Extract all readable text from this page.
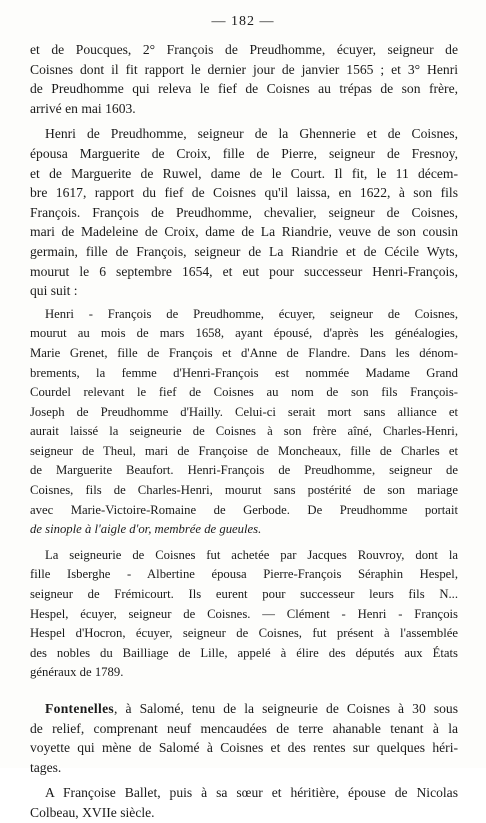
— 182 —

et de Poucques, 2° François de Preudhomme, écuyer, seigneur de
Coisnes dont il fit rapport le dernier jour de janvier 1565 ; et 3° Henri
de Preudhomme qui releva le fief de Coisnes au trépas de son frère,
arrivé en mai 1603.

Henri de Preudhomme, seigneur de la Ghennerie et de Coisnes,
épousa Marguerite de Croix, fille de Pierre, seigneur de Fresnoy,
et de Marguerite de Ruwel, dame de le Court. Il fit, le 11 décem-
bre 1617, rapport du fief de Coisnes qu'il laissa, en 1622, à son fils
François. François de Preudhomme, chevalier, seigneur de Coisnes,
mari de Madeleine de Croix, dame de La Riandrie, veuve de son cousin
germain, fille de François, seigneur de La Riandrie et de Cécile Wyts,
mourut le 6 septembre 1654, et eut pour successeur Henri-François,
qui suit :

Henri - François de Preudhomme, écuyer, seigneur de Coisnes,
mourut au mois de mars 1658, ayant épousé, d'après les généalogies,
Marie Grenet, fille de François et d'Anne de Flandre. Dans les dénom-
brements, la femme d'Henri-François est nommée Madame Grand
Courdel relevant le fief de Coisnes au nom de son fils François-
Joseph de Preudhomme d'Hailly. Celui-ci serait mort sans alliance et
aurait laissé la seigneurie de Coisnes à son frère aîné, Charles-Henri,
seigneur de Theul, mari de Françoise de Moncheaux, fille de Charles et
de Marguerite Beaufort. Henri-François de Preudhomme, seigneur de
Coisnes, fils de Charles-Henri, mourut sans postérité de son mariage
avec Marie-Victoire-Romaine de Gerbode. De Preudhomme portait
de sinople à l'aigle d'or, membrée de gueules.

La seigneurie de Coisnes fut achetée par Jacques Rouvroy, dont la
fille Isberghe - Albertine épousa Pierre-François Séraphin Hespel,
seigneur de Frémicourt. Ils eurent pour successeur leurs fils N...
Hespel, écuyer, seigneur de Coisnes. — Clément - Henri - François
Hespel d'Hocron, écuyer, seigneur de Coisnes, fut présent à l'assemblée
des nobles du Bailliage de Lille, appelé à élire des députés aux États
généraux de 1789.

Fontenelles, à Salomé, tenu de la seigneurie de Coisnes à 30 sous
de relief, comprenant neuf mencaudées de terre ahanable tenant à la
voyette qui mène de Salomé à Coisnes et des rentes sur quelques héri-
tages.

A Françoise Ballet, puis à sa sœur et héritière, épouse de Nicolas
Colbeau, XVIIe siècle.
